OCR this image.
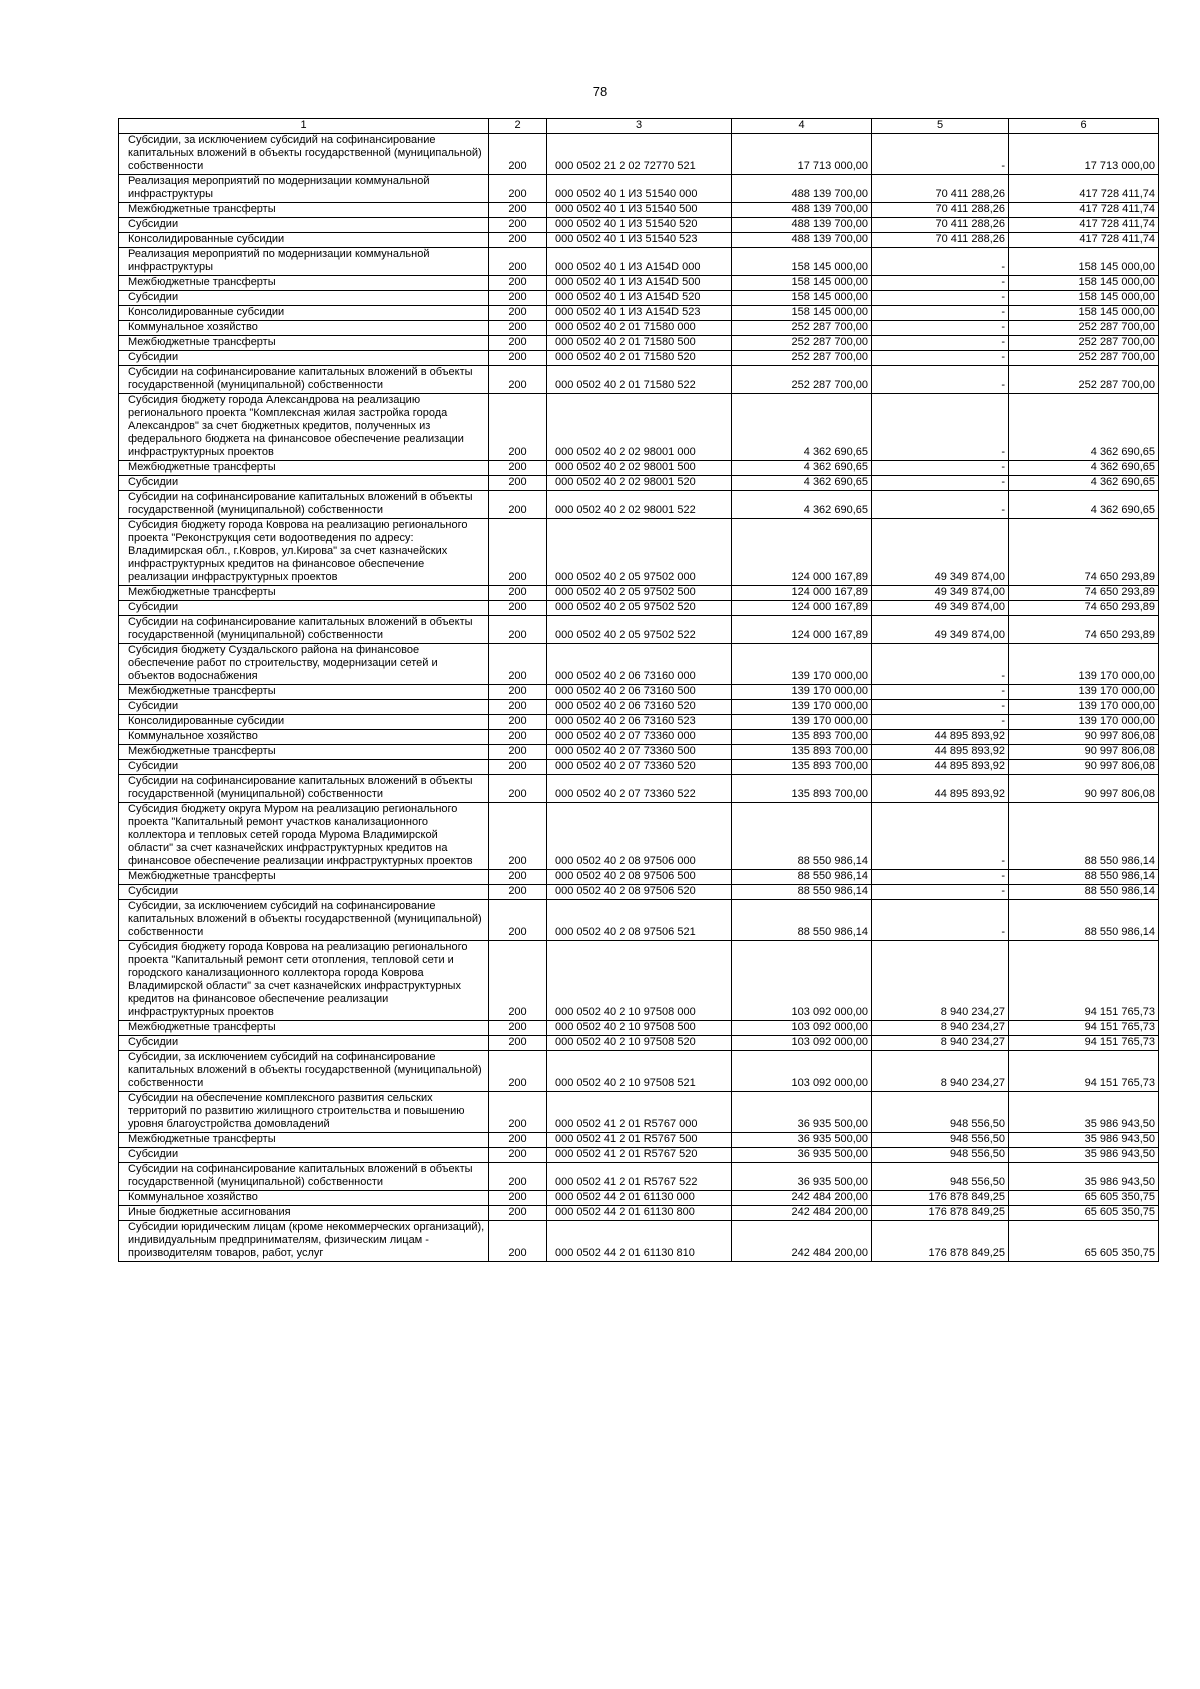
78
1	2	3	4	5	6

Субсидии, за исключением субсидий на софинансирование капитальных вложений в объекты государственной (муниципальной) собственности	200	000 0502 21 2 02 72770 521	17 713 000,00	-	17 713 000,00

Реализация мероприятий по модернизации коммунальной инфраструктуры	200	000 0502 40 1 И3 51540 000	488 139 700,00	70 411 288,26	417 728 411,74

Межбюджетные трансферты	200	000 0502 40 1 И3 51540 500	488 139 700,00	70 411 288,26	417 728 411,74

Субсидии	200	000 0502 40 1 И3 51540 520	488 139 700,00	70 411 288,26	417 728 411,74

Консолидированные субсидии	200	000 0502 40 1 И3 51540 523	488 139 700,00	70 411 288,26	417 728 411,74

Реализация мероприятий по модернизации коммунальной инфраструктуры	200	000 0502 40 1 И3 А154D 000	158 145 000,00	-	158 145 000,00

Межбюджетные трансферты	200	000 0502 40 1 И3 А154D 500	158 145 000,00	-	158 145 000,00

Субсидии	200	000 0502 40 1 И3 А154D 520	158 145 000,00	-	158 145 000,00

Консолидированные субсидии	200	000 0502 40 1 И3 А154D 523	158 145 000,00	-	158 145 000,00

Коммунальное хозяйство	200	000 0502 40 2 01 71580 000	252 287 700,00	-	252 287 700,00

Межбюджетные трансферты	200	000 0502 40 2 01 71580 500	252 287 700,00	-	252 287 700,00

Субсидии	200	000 0502 40 2 01 71580 520	252 287 700,00	-	252 287 700,00

Субсидии на софинансирование капитальных вложений в объекты государственной (муниципальной) собственности	200	000 0502 40 2 01 71580 522	252 287 700,00	-	252 287 700,00

Субсидия бюджету города Александрова на реализацию регионального проекта "Комплексная жилая застройка города Александров" за счет бюджетных кредитов, полученных из федерального бюджета на финансовое обеспечение реализации инфраструктурных проектов	200	000 0502 40 2 02 98001 000	4 362 690,65	-	4 362 690,65

Межбюджетные трансферты	200	000 0502 40 2 02 98001 500	4 362 690,65	-	4 362 690,65

Субсидии	200	000 0502 40 2 02 98001 520	4 362 690,65	-	4 362 690,65

Субсидии на софинансирование капитальных вложений в объекты государственной (муниципальной) собственности	200	000 0502 40 2 02 98001 522	4 362 690,65	-	4 362 690,65

Субсидия бюджету города Коврова на реализацию регионального проекта "Реконструкция сети водоотведения по адресу: Владимирская обл., г.Ковров, ул.Кирова" за счет казначейских инфраструктурных кредитов на финансовое обеспечение реализации инфраструктурных проектов	200	000 0502 40 2 05 97502 000	124 000 167,89	49 349 874,00	74 650 293,89

Межбюджетные трансферты	200	000 0502 40 2 05 97502 500	124 000 167,89	49 349 874,00	74 650 293,89

Субсидии	200	000 0502 40 2 05 97502 520	124 000 167,89	49 349 874,00	74 650 293,89

Субсидии на софинансирование капитальных вложений в объекты государственной (муниципальной) собственности	200	000 0502 40 2 05 97502 522	124 000 167,89	49 349 874,00	74 650 293,89

Субсидия бюджету Суздальского района на финансовое обеспечение работ по строительству, модернизации сетей и объектов водоснабжения	200	000 0502 40 2 06 73160 000	139 170 000,00	-	139 170 000,00

Межбюджетные трансферты	200	000 0502 40 2 06 73160 500	139 170 000,00	-	139 170 000,00

Субсидии	200	000 0502 40 2 06 73160 520	139 170 000,00	-	139 170 000,00

Консолидированные субсидии	200	000 0502 40 2 06 73160 523	139 170 000,00	-	139 170 000,00

Коммунальное хозяйство	200	000 0502 40 2 07 73360 000	135 893 700,00	44 895 893,92	90 997 806,08

Межбюджетные трансферты	200	000 0502 40 2 07 73360 500	135 893 700,00	44 895 893,92	90 997 806,08

Субсидии	200	000 0502 40 2 07 73360 520	135 893 700,00	44 895 893,92	90 997 806,08

Субсидии на софинансирование капитальных вложений в объекты государственной (муниципальной) собственности	200	000 0502 40 2 07 73360 522	135 893 700,00	44 895 893,92	90 997 806,08

Субсидия бюджету округа Муром на реализацию регионального проекта "Капитальный ремонт участков канализационного коллектора и тепловых сетей города Мурома Владимирской области" за счет казначейских инфраструктурных кредитов на финансовое обеспечение реализации инфраструктурных проектов	200	000 0502 40 2 08 97506 000	88 550 986,14	-	88 550 986,14

Межбюджетные трансферты	200	000 0502 40 2 08 97506 500	88 550 986,14	-	88 550 986,14

Субсидии	200	000 0502 40 2 08 97506 520	88 550 986,14	-	88 550 986,14

Субсидии, за исключением субсидий на софинансирование капитальных вложений в объекты государственной (муниципальной) собственности	200	000 0502 40 2 08 97506 521	88 550 986,14	-	88 550 986,14

Субсидия бюджету города Коврова на реализацию регионального проекта "Капитальный ремонт сети отопления, тепловой сети и городского канализационного коллектора города Коврова Владимирской области" за счет казначейских инфраструктурных кредитов на финансовое обеспечение реализации инфраструктурных проектов	200	000 0502 40 2 10 97508 000	103 092 000,00	8 940 234,27	94 151 765,73

Межбюджетные трансферты	200	000 0502 40 2 10 97508 500	103 092 000,00	8 940 234,27	94 151 765,73

Субсидии	200	000 0502 40 2 10 97508 520	103 092 000,00	8 940 234,27	94 151 765,73

Субсидии, за исключением субсидий на софинансирование капитальных вложений в объекты государственной (муниципальной) собственности	200	000 0502 40 2 10 97508 521	103 092 000,00	8 940 234,27	94 151 765,73

Субсидии на обеспечение комплексного развития сельских территорий по развитию жилищного строительства и повышению уровня благоустройства домовладений	200	000 0502 41 2 01 R5767 000	36 935 500,00	948 556,50	35 986 943,50

Межбюджетные трансферты	200	000 0502 41 2 01 R5767 500	36 935 500,00	948 556,50	35 986 943,50

Субсидии	200	000 0502 41 2 01 R5767 520	36 935 500,00	948 556,50	35 986 943,50

Субсидии на софинансирование капитальных вложений в объекты государственной (муниципальной) собственности	200	000 0502 41 2 01 R5767 522	36 935 500,00	948 556,50	35 986 943,50

Коммунальное хозяйство	200	000 0502 44 2 01 61130 000	242 484 200,00	176 878 849,25	65 605 350,75

Иные бюджетные ассигнования	200	000 0502 44 2 01 61130 800	242 484 200,00	176 878 849,25	65 605 350,75

Субсидии юридическим лицам (кроме некоммерческих организаций), индивидуальным предпринимателям, физическим лицам - производителям товаров, работ, услуг	200	000 0502 44 2 01 61130 810	242 484 200,00	176 878 849,25	65 605 350,75
